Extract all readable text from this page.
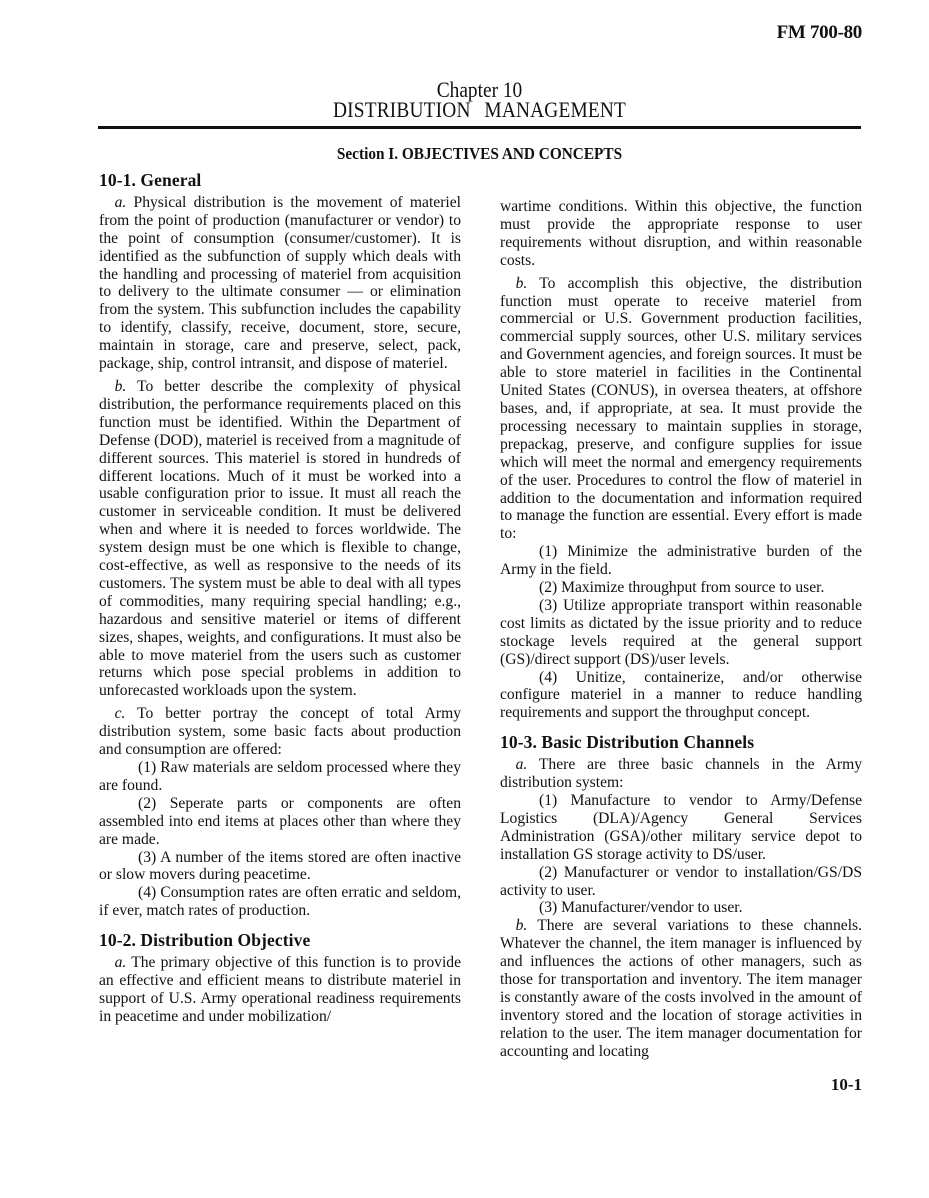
FM 700-80
Chapter 10
DISTRIBUTION MANAGEMENT
Section I. OBJECTIVES AND CONCEPTS
10-1. General

a. Physical distribution is the movement of materiel from the point of production (manufacturer or vendor) to the point of consumption (consumer/customer). It is identified as the subfunction of supply which deals with the handling and processing of materiel from acquisition to delivery to the ultimate consumer — or elimination from the system. This subfunction includes the capability to identify, classify, receive, document, store, secure, maintain in storage, care and preserve, select, pack, package, ship, control intransit, and dispose of materiel.

b. To better describe the complexity of physical distribution, the performance requirements placed on this function must be identified. Within the Department of Defense (DOD), materiel is received from a magnitude of different sources. This materiel is stored in hundreds of different locations. Much of it must be worked into a usable configuration prior to issue. It must all reach the customer in serviceable condition. It must be delivered when and where it is needed to forces worldwide. The system design must be one which is flexible to change, cost-effective, as well as responsive to the needs of its customers. The system must be able to deal with all types of commodities, many requiring special handling; e.g., hazardous and sensitive materiel or items of different sizes, shapes, weights, and configurations. It must also be able to move materiel from the users such as customer returns which pose special problems in addition to unforecasted workloads upon the system.

c. To better portray the concept of total Army distribution system, some basic facts about production and consumption are offered:

(1) Raw materials are seldom processed where they are found.

(2) Seperate parts or components are often assembled into end items at places other than where they are made.

(3) A number of the items stored are often inactive or slow movers during peacetime.

(4) Consumption rates are often erratic and seldom, if ever, match rates of production.

10-2. Distribution Objective

a. The primary objective of this function is to provide an effective and efficient means to distribute materiel in support of U.S. Army operational readiness requirements in peacetime and under mobilization/

wartime conditions. Within this objective, the function must provide the appropriate response to user requirements without disruption, and within reasonable costs.

b. To accomplish this objective, the distribution function must operate to receive materiel from commercial or U.S. Government production facilities, commercial supply sources, other U.S. military services and Government agencies, and foreign sources. It must be able to store materiel in facilities in the Continental United States (CONUS), in oversea theaters, at offshore bases, and, if appropriate, at sea. It must provide the processing necessary to maintain supplies in storage, prepackag, preserve, and configure supplies for issue which will meet the normal and emergency requirements of the user. Procedures to control the flow of materiel in addition to the documentation and information required to manage the function are essential. Every effort is made to:

(1) Minimize the administrative burden of the Army in the field.

(2) Maximize throughput from source to user.

(3) Utilize appropriate transport within reasonable cost limits as dictated by the issue priority and to reduce stockage levels required at the general support (GS)/direct support (DS)/user levels.

(4) Unitize, containerize, and/or otherwise configure materiel in a manner to reduce handling requirements and support the throughput concept.

10-3. Basic Distribution Channels

a. There are three basic channels in the Army distribution system:

(1) Manufacture to vendor to Army/Defense Logistics (DLA)/Agency General Services Administration (GSA)/other military service depot to installation GS storage activity to DS/user.

(2) Manufacturer or vendor to installation/GS/DS activity to user.

(3) Manufacturer/vendor to user.

b. There are several variations to these channels. Whatever the channel, the item manager is influenced by and influences the actions of other managers, such as those for transportation and inventory. The item manager is constantly aware of the costs involved in the amount of inventory stored and the location of storage activities in relation to the user. The item manager documentation for accounting and locating

10-1
